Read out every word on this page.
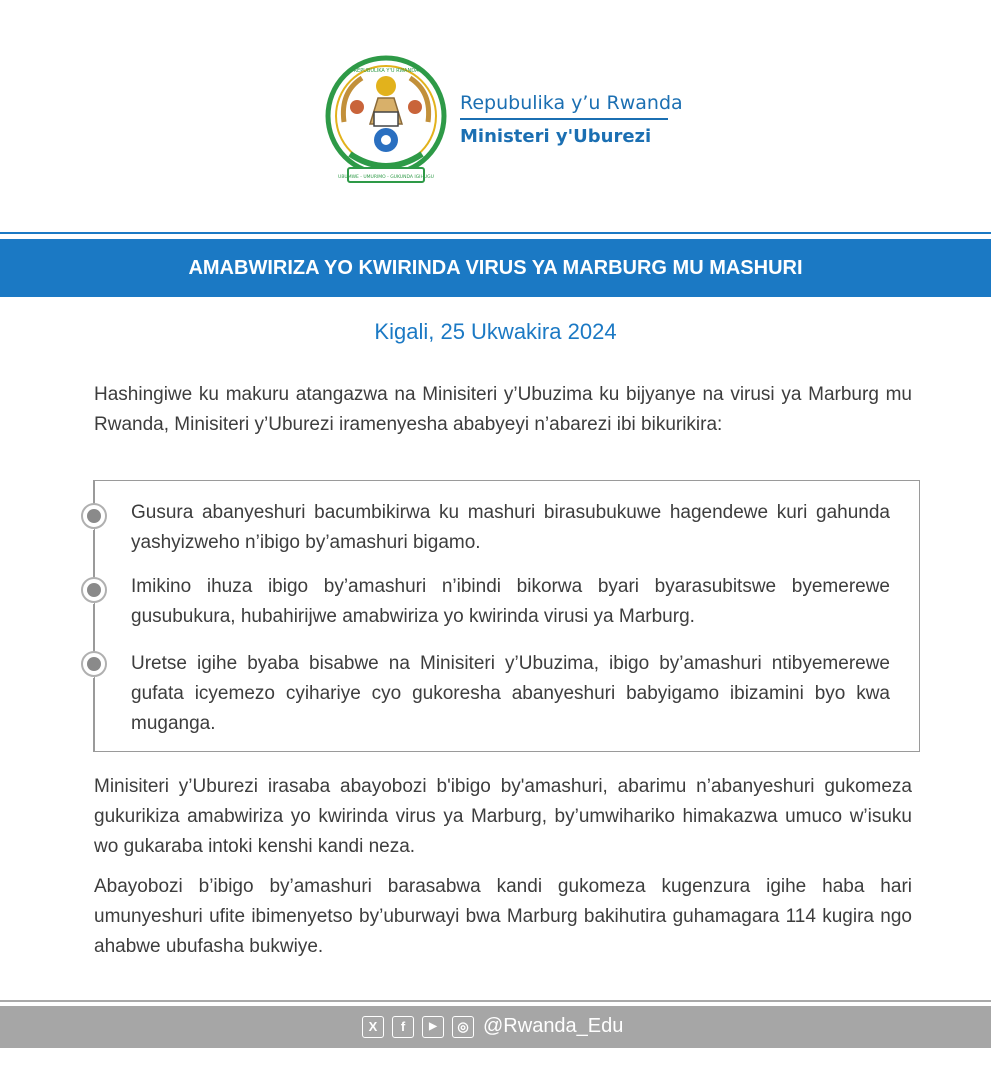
UBUMWE - UMURIMO - GUKUNDA IGIHUGU
REPUBULIKA Y'U RWANDA
Repubulika y’u Rwanda
Ministeri y'Uburezi
AMABWIRIZA YO KWIRINDA VIRUS YA MARBURG MU MASHURI
Kigali, 25 Ukwakira 2024
Hashingiwe ku makuru atangazwa na Minisiteri y’Ubuzima ku bijyanye na virusi ya Marburg mu Rwanda, Minisiteri y’Uburezi iramenyesha ababyeyi n’abarezi ibi bikurikira:
Gusura abanyeshuri bacumbikirwa ku mashuri birasubukuwe hagendewe kuri gahunda yashyizweho n’ibigo by’amashuri bigamo.
Imikino ihuza ibigo by’amashuri n’ibindi bikorwa byari byarasubitswe byemerewe gusubukura, hubahirijwe amabwiriza yo kwirinda virusi ya Marburg.
Uretse igihe byaba bisabwe na Minisiteri y’Ubuzima, ibigo by’amashuri ntibyemerewe gufata icyemezo cyihariye cyo gukoresha abanyeshuri babyigamo ibizamini byo kwa muganga.
Minisiteri y’Uburezi irasaba abayobozi b'ibigo by'amashuri, abarimu n’abanyeshuri gukomeza gukurikiza amabwiriza yo kwirinda virus ya Marburg, by’umwihariko himakazwa umuco w’isuku wo gukaraba intoki kenshi kandi neza.
Abayobozi b’ibigo by’amashuri barasabwa kandi gukomeza kugenzura igihe haba hari umunyeshuri ufite ibimenyetso by’uburwayi bwa Marburg bakihutira guhamagara 114 kugira ngo ahabwe ubufasha bukwiye.
X	f	▶	◎ @Rwanda_Edu
